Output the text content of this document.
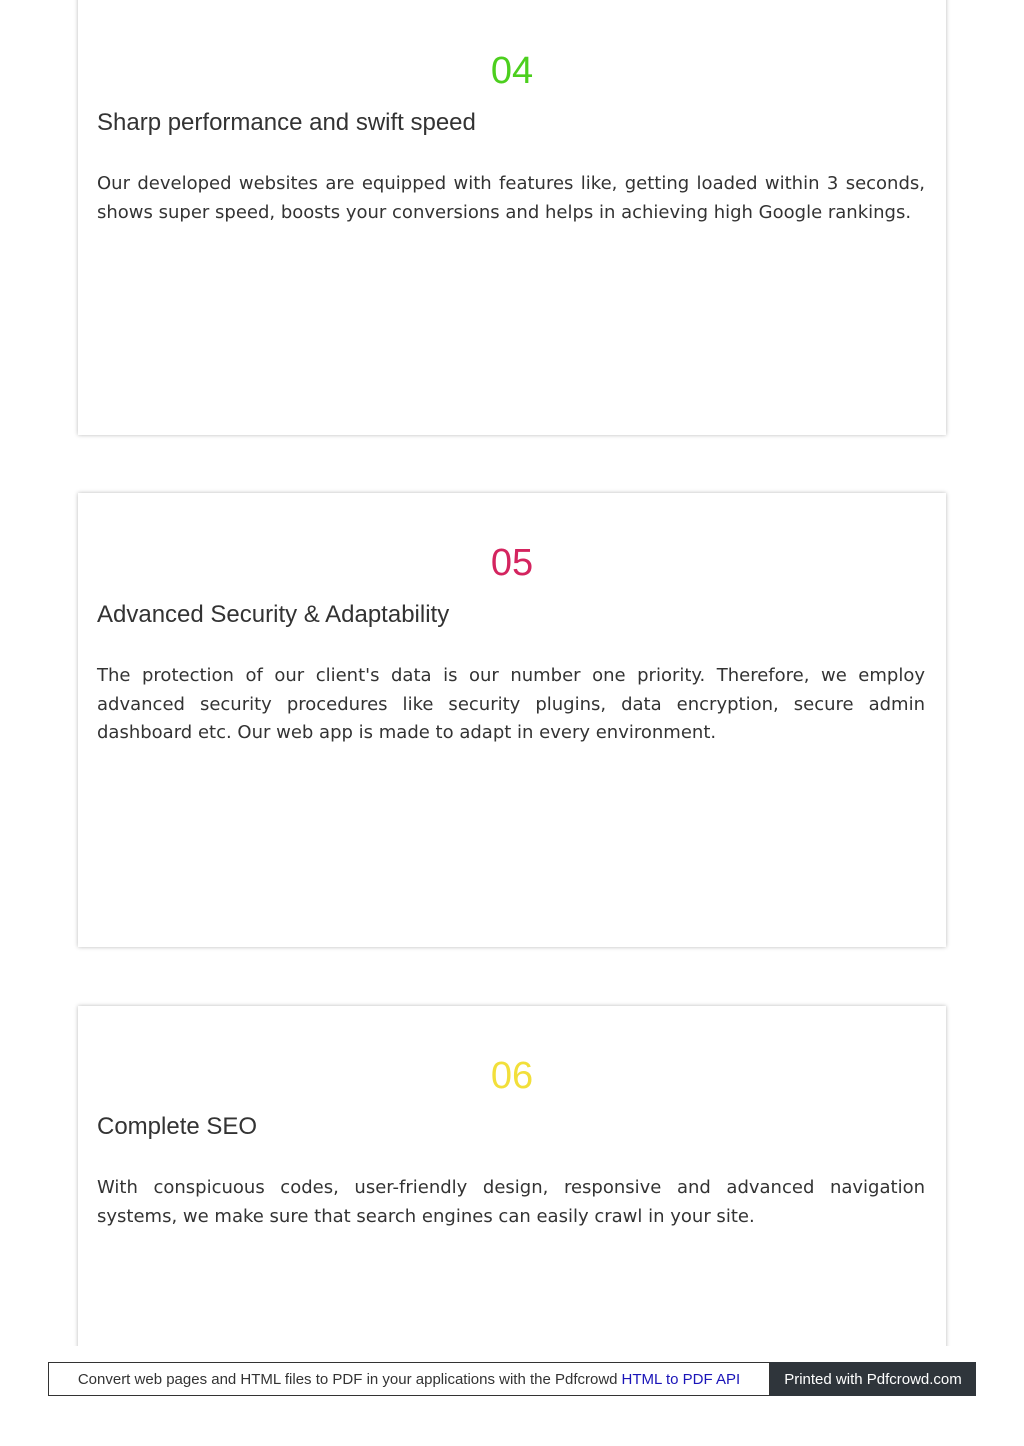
04
Sharp performance and swift speed

Our developed websites are equipped with features like, getting loaded within 3 seconds, shows super speed, boosts your conversions and helps in achieving high Google rankings.

05
Advanced Security & Adaptability

The protection of our client's data is our number one priority. Therefore, we employ advanced security procedures like security plugins, data encryption, secure admin dashboard etc. Our web app is made to adapt in every environment.

06
Complete SEO

With conspicuous codes, user-friendly design, responsive and advanced navigation systems, we make sure that search engines can easily crawl in your site.

Convert web pages and HTML files to PDF in your applications with the Pdfcrowd HTML to PDF API	Printed with Pdfcrowd.com
